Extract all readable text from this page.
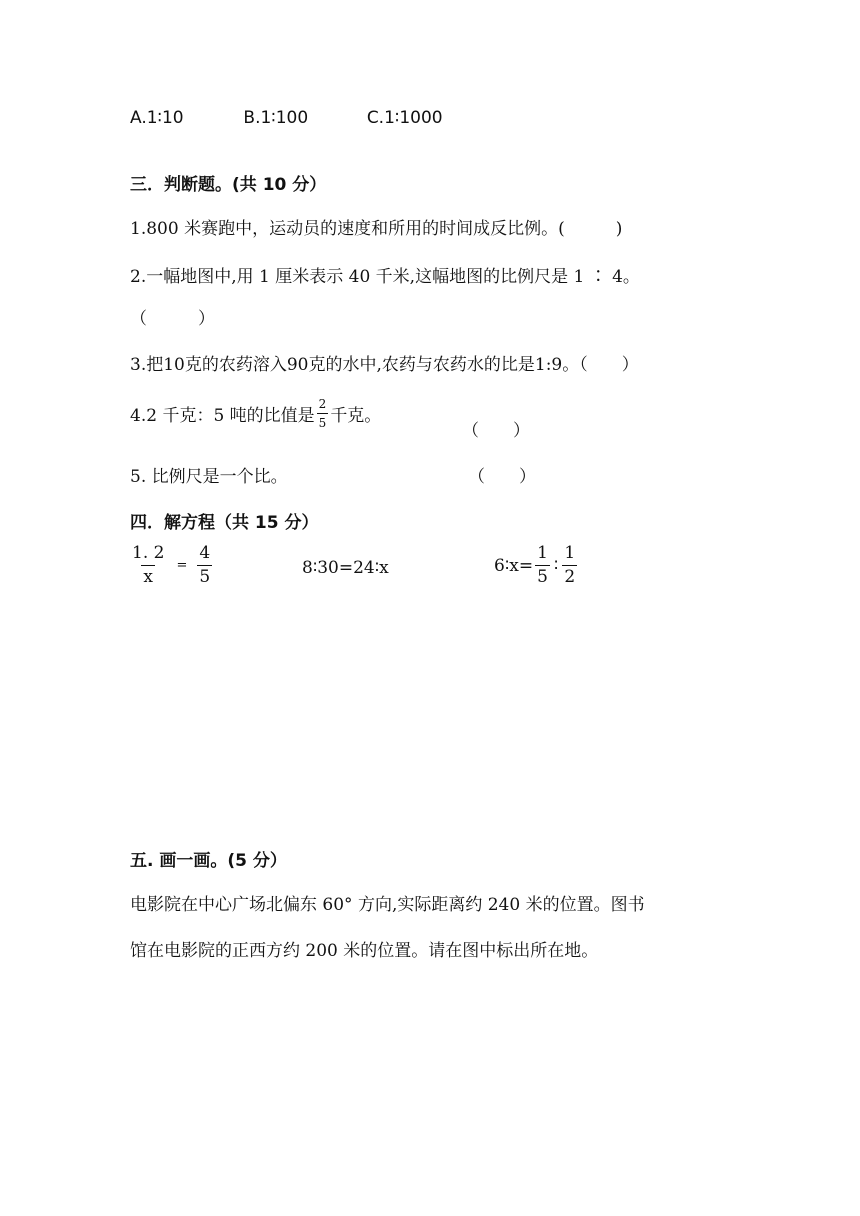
A.1∶10	B.1∶100	C.1∶1000
三．判断题。(共 10 分）
1.800 米赛跑中，运动员的速度和所用的时间成反比例。(　　　)
2.一幅地图中,用 1 厘米表示 40 千米,这幅地图的比例尺是 1 ∶ 4。
（　　　）
3.把10克的农药溶入90克的水中,农药与农药水的比是1:9。（　　）
4.2 千克：5 吨的比值是 $\frac{2}{5}$ 千克。
（　　）
5. 比例尺是一个比。	（　　）
四．解方程（共 15 分）
$\frac{1. 2}{x} = \frac{4}{5}$	8∶30=24∶x	6∶x= $\frac{1}{5}$ ∶ $\frac{1}{2}$
五. 画一画。(5 分）
电影院在中心广场北偏东 60° 方向,实际距离约 240 米的位置。图书
馆在电影院的正西方约 200 米的位置。请在图中标出所在地。
